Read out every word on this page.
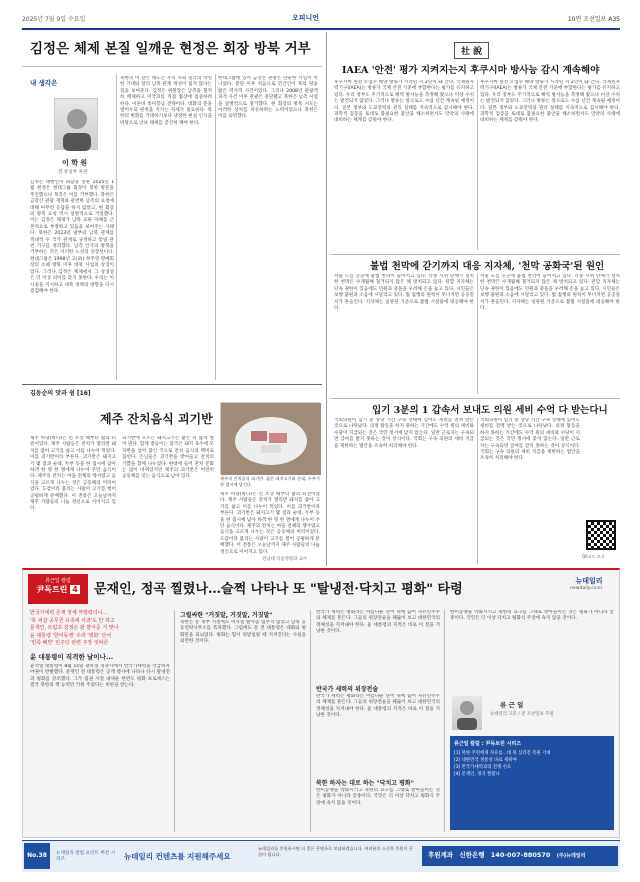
2025년 7월 9일 수요일	오피니언	10면 조선일보 A35
김정은 체제 본질 일깨운 현정은 회장 방북 거부
내 생각은
이 학 원
전 통일부 차관
김정은 대변인이 회담을 앞둔 2025년 1월 현정은 현대그룹 회장이 북한 방문을 추진했으나 북측은 이를 거부했다. 북한은 금강산 관광 재개와 관련한 남측의 요청에 대해 아무런 응답을 하지 않았고, 현 회장의 방북 요청 역시 일방적으로 거절했다. 이는 김정은 체제가 남북 교류 자체를 근본적으로 부정하고 있음을 보여주는 사례다. 북한은 2023년 말부터 남북 관계를 적대적 두 국가 관계로 규정하고 통일 관련 기구를 정리했다. 남측 인사의 방북을 거부하는 것은 이러한 노선의 연장선이다. 현대그룹은 1998년 고(故) 정주영 명예회장의 소떼 방북 이후 대북 사업의 상징이었다. 그러나 김정은 체제에서 그 상징성은 더 이상 의미를 갖지 못한다. 우리는 이 사실을 직시하고 대북 정책의 방향을 다시 점검해야 한다.
북한의 이 같은 태도는 우리 사회 일각의 막연한 기대와 달리 남북 관계 개선이 쉽지 않다는 점을 보여준다. 김정은 위원장은 남측을 철저히 배제하고 미국과의 직접 협상에 집중하려 한다. 이른바 통미봉남 전략이다. 대화의 문을 열어두되 원칙을 지키는 자세가 필요하다. 북한의 변화를 기대하기보다 냉정한 현실 인식을 바탕으로 안보 태세를 굳건히 해야 한다.
현대그룹에 있어 금강산 관광은 단순한 사업이 아니었다. 분단 이후 처음으로 민간인이 북녘 땅을 밟은 역사적 사건이었다. 그러나 2008년 관광객 피격 사건 이후 관광은 중단됐고 북한은 남측 시설을 일방적으로 철거했다. 현 회장의 방북 시도는 이러한 상처를 치유하려는 노력이었으나 북한은 이를 외면했다.
김동순의 맛과 쉼 [16]
제주 잔치음식 괴기반
제주의 잔치음식 괴기반. 삶은 돼지고기와 순대, 두부가 한 접시에 담긴다.
제주 바당(바다)은 먼 조상 때부터 삶의 터전이었다. 제주 사람들은 잔치가 열리면 돼지를 잡아 고기를 삶고 이를 나누어 먹었다. 이를 괴기반이라 부른다. 괴기반은 돼지고기 몇 점과 순대, 두부 등을 한 접시에 담아 하객 한 명 한 명에게 나누어 주던 음식이다. 제주의 잔치는 마을 전체의 행사였고 음식을 고르게 나누는 것은 공동체의 미덕이었다. 도감이라 불리는 사람이 고기를 썰어 공평하게 분배했다. 이 전통은 오늘날까지 제주 사람들의 나눔 정신으로 이어지고 있다.
괴기반에 오르는 돼지고기는 삶은 뒤 얇게 썰어 낸다. 함께 곁들이는 몸국은 돼지 육수에 모자반을 넣어 끓인 국으로 잔치 음식의 백미로 꼽힌다. 손님들은 괴기반을 받아들고 잔치의 기쁨을 함께 나누었다. 현대에 들어 잔치 문화는 많이 바뀌었지만 제주의 괴기반은 여전히 공동체를 잇는 음식으로 남아 있다.
제주 바당(바다)은 먼 조상 때부터 삶의 터전이었다. 제주 사람들은 잔치가 열리면 돼지를 잡아 고기를 삶고 이를 나누어 먹었다. 이를 괴기반이라 부른다. 괴기반은 돼지고기 몇 점과 순대, 두부 등을 한 접시에 담아 하객 한 명 한 명에게 나누어 주던 음식이다. 제주의 잔치는 마을 전체의 행사였고 음식을 고르게 나누는 것은 공동체의 미덕이었다. 도감이라 불리는 사람이 고기를 썰어 공평하게 분배했다. 이 전통은 오늘날까지 제주 사람들의 나눔 정신으로 이어지고 있다.
전남대 식품영양과 교수
社 說
IAEA '안전' 평가 지켜지는지 후쿠시마 방사능 감시 계속해야
후쿠시마 원전 오염수 해양 방류가 시작된 지 2년이 돼 간다. 국제원자력기구(IAEA)는 방류가 국제 안전 기준에 부합한다는 평가를 유지하고 있다. 우리 정부도 주기적으로 해역 방사능을 측정해 왔으나 이상 수치는 발견되지 않았다. 그러나 방류는 앞으로도 수십 년간 계속될 예정이다. 일본 정부와 도쿄전력의 관리 실태를 지속적으로 감시해야 한다. 과학적 검증을 토대로 불필요한 불안을 해소하면서도 만약의 사태에 대비하는 체계를 갖춰야 한다.
후쿠시마 원전 오염수 해양 방류가 시작된 지 2년이 돼 간다. 국제원자력기구(IAEA)는 방류가 국제 안전 기준에 부합한다는 평가를 유지하고 있다. 우리 정부도 주기적으로 해역 방사능을 측정해 왔으나 이상 수치는 발견되지 않았다. 그러나 방류는 앞으로도 수십 년간 계속될 예정이다. 일본 정부와 도쿄전력의 관리 실태를 지속적으로 감시해야 한다. 과학적 검증을 토대로 불필요한 불안을 해소하면서도 만약의 사태에 대비하는 체계를 갖춰야 한다.
불법 천막에 갇기까지 대응 지자체, '천막 공화국'된 원인
서울 도심 곳곳에 불법 천막이 들어서고 있다. 각종 시위 단체가 설치한 천막은 수개월째 철거되지 않은 채 방치되고 있다. 관할 지자체는 단속 권한이 있음에도 민원과 충돌을 우려해 손을 놓고 있다. 시민들은 보행 불편과 소음에 시달리고 있다. 법 집행의 원칙이 무너지면 공공질서가 흔들린다. 지자체는 일관된 기준으로 불법 시설물에 대응해야 한다.
서울 도심 곳곳에 불법 천막이 들어서고 있다. 각종 시위 단체가 설치한 천막은 수개월째 철거되지 않은 채 방치되고 있다. 관할 지자체는 단속 권한이 있음에도 민원과 충돌을 우려해 손을 놓고 있다. 시민들은 보행 불편과 소음에 시달리고 있다. 법 집행의 원칙이 무너지면 공공질서가 흔들린다. 지자체는 일관된 기준으로 불법 시설물에 대응해야 한다.
입기 3분의 1 갑속서 보내도 의원 세비 수억 다 받는다니
국회의원이 임기 중 상당 기간 구속 상태에 있어도 세비를 전액 받는 것으로 나타났다. 의정 활동을 하지 못하는 기간에도 수억 원의 세비와 수당이 지급되는 것은 국민 정서에 맞지 않는다. 일반 근로자는 구속되면 급여를 받지 못하는 것이 상식이다. 국회는 구속 의원의 세비 지급을 제한하는 법안을 조속히 처리해야 한다.
국회의원이 임기 중 상당 기간 구속 상태에 있어도 세비를 전액 받는 것으로 나타났다. 의정 활동을 하지 못하는 기간에도 수억 원의 세비와 수당이 지급되는 것은 국민 정서에 맞지 않는다. 일반 근로자는 구속되면 급여를 받지 못하는 것이 상식이다. 국회는 구속 의원의 세비 지급을 제한하는 법안을 조속히 처리해야 한다.
QR코드 보기
류근일 칼럼
尹독트린 4	문재인, 정곡 찔렸나…슬쩍 나타나 또 "탈냉전·닥치고 평화" 타령
뉴데일리
newdaily.co.kr
반국가세력 존재 정체 까발렸더니...
'북 피살 공무원 유족에 사과'도 안 하고
문재인, 트럼프·김정은 판 깔아준 거 맞나
윤 대통령 '한미동맹' 우려 '평화' 단어
'민족 배반' 민주당 관련 주장 잇따른
윤 대통령이 직격한 날이나...
윤석열 대통령이 8월 15일 광복절 경축사에서 반국가세력을 언급하자 야권이 반발했다. 문재인 전 대통령은 공개 행사에 나타나 다시 탈냉전과 평화를 강조했다. 그가 집권 시절 내세운 한반도 평화 프로세스는 결국 북한의 핵 능력만 키워 주었다는 비판을 받는다.
그럴싸한 "거짓말, 거짓말, 거짓말"
북한은 문 정부 시절에도 미사일 발사를 멈추지 않았고 남북 공동연락사무소를 폭파했다. 그럼에도 문 전 대통령은 대화와 평화만을 되뇌었다. 평화는 힘이 뒷받침될 때 지켜진다는 사실을 외면한 것이다.
반국가 세력은 평화라는 아름다운 단어 뒤에 숨어 자유민주주의 체제를 흔든다. 그들의 위장전술을 꿰뚫어 보고 대한민국의 정체성을 지켜내야 한다. 윤 대통령의 지적은 바로 이 점을 겨냥한 것이다.
반국가 세력의 위장전술
반국가 세력은 평화라는 아름다운 단어 뒤에 숨어 자유민주주의 체제를 흔든다. 그들의 위장전술을 꿰뚫어 보고 대한민국의 정체성을 지켜내야 한다. 윤 대통령의 지적은 바로 이 점을 겨냥한 것이다.
북한 하자는 대로 하는 "닥치고 평화"
한미동맹을 약화시키고 북한의 요구를 그대로 받아들이는 것은 평화가 아니라 굴종이다. 국민은 더 이상 닥치고 평화식 주장에 속지 않을 것이다.
한미동맹을 약화시키고 북한의 요구를 그대로 받아들이는 것은 평화가 아니라 굴종이다. 국민은 더 이상 닥치고 평화식 주장에 속지 않을 것이다.
류 근 일
뉴데일리 고문 / 전 조선일보 주필
류근일 칼럼 : 尹독트린 시리즈
[1] 북한 주민에게 자유를...대 북 심리전 복원 기대
[2] 대한민국 정통성 바로 세워야
[3] 반국가세력과의 전쟁 선포
[4] 문재인, 정곡 찔렸나
No.38	뉴데일리 칼럼 프린트 버전 시리즈	뉴데일리 컨텐츠를 지원해주세요
뉴데일리를 후원하시면 더 좋은 콘텐츠로 보답하겠습니다. 여러분의 소중한 후원이 큰 힘이 됩니다.	후원계좌 신한은행 140-007-880570 (주)뉴데일리
